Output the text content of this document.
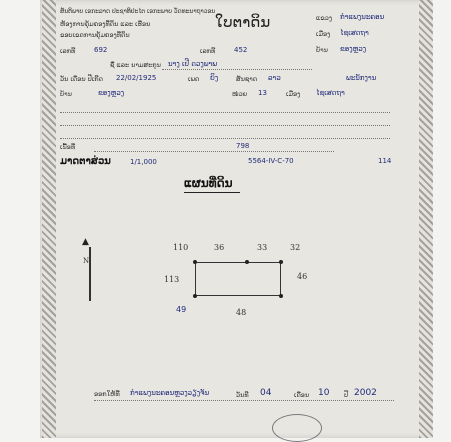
ສັນຕິພາບ ເອກະລາດ ປະຊາທິປະໄຕ ເອກະພາບ ວັດທະນາຖາວອນ
ຫ້ອງການຄຸ້ມຄອງທີ່ດິນ ແລະ ເຮືອນ
ຂອບເຂດການຄຸ້ມຄອງທີ່ດິນ
ໃບຕາດິນ	ແຂວງ ກຳແພງນະຄອນ
ເມືອງ ໄຊເສດຖາ
ບ້ານ ຂອງຫຼວງ
ເລກທີ	692	ເລກທີ	452
ຊື່ ແລະ ນາມສະກຸນ ນາງ ເປີ ດວງພາພ
ວັນ ເດືອນ ປີເກີດ 22/02/1925	ເພດ ຍິງ	ສັນຊາດ ລາວ	ພະນັກງານ
ບ້ານ	ຂອງຫຼວງ	ໜ່ວຍ 13	ເມືອງ ໄຊເສດຖາ
ເນື້ອທີ່	798
5564-IV-C-70	114
ມາດຕາສ່ວນ	1/1,000
ແຜນທີ່ດິນ
▲
N
110	36	33	32
113	46
48
49
ອອກໃຫ້ທີ່ ກຳແພງນະຄອນຫຼວງວຽງຈັນ	ວັນທີ 04	ເດືອນ 10 ປີ 2002
